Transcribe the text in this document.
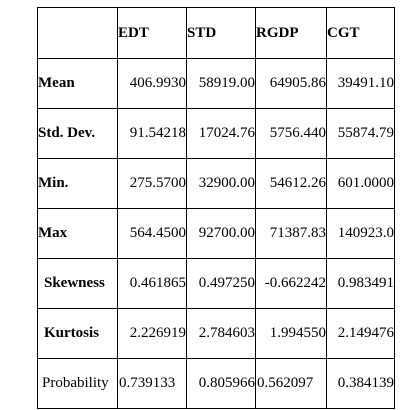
	EDT	STD	RGDP	CGT
Mean	406.9930	58919.00	64905.86	39491.10
Std. Dev.	91.54218	17024.76	5756.440	55874.79
Min.	275.5700	32900.00	54612.26	601.0000
Max	564.4500	92700.00	71387.83	140923.0
Skewness	0.461865	0.497250	-0.662242	0.983491
Kurtosis	2.226919	2.784603	1.994550	2.149476
Probability	0.739133	0.805966	0.562097	0.384139
